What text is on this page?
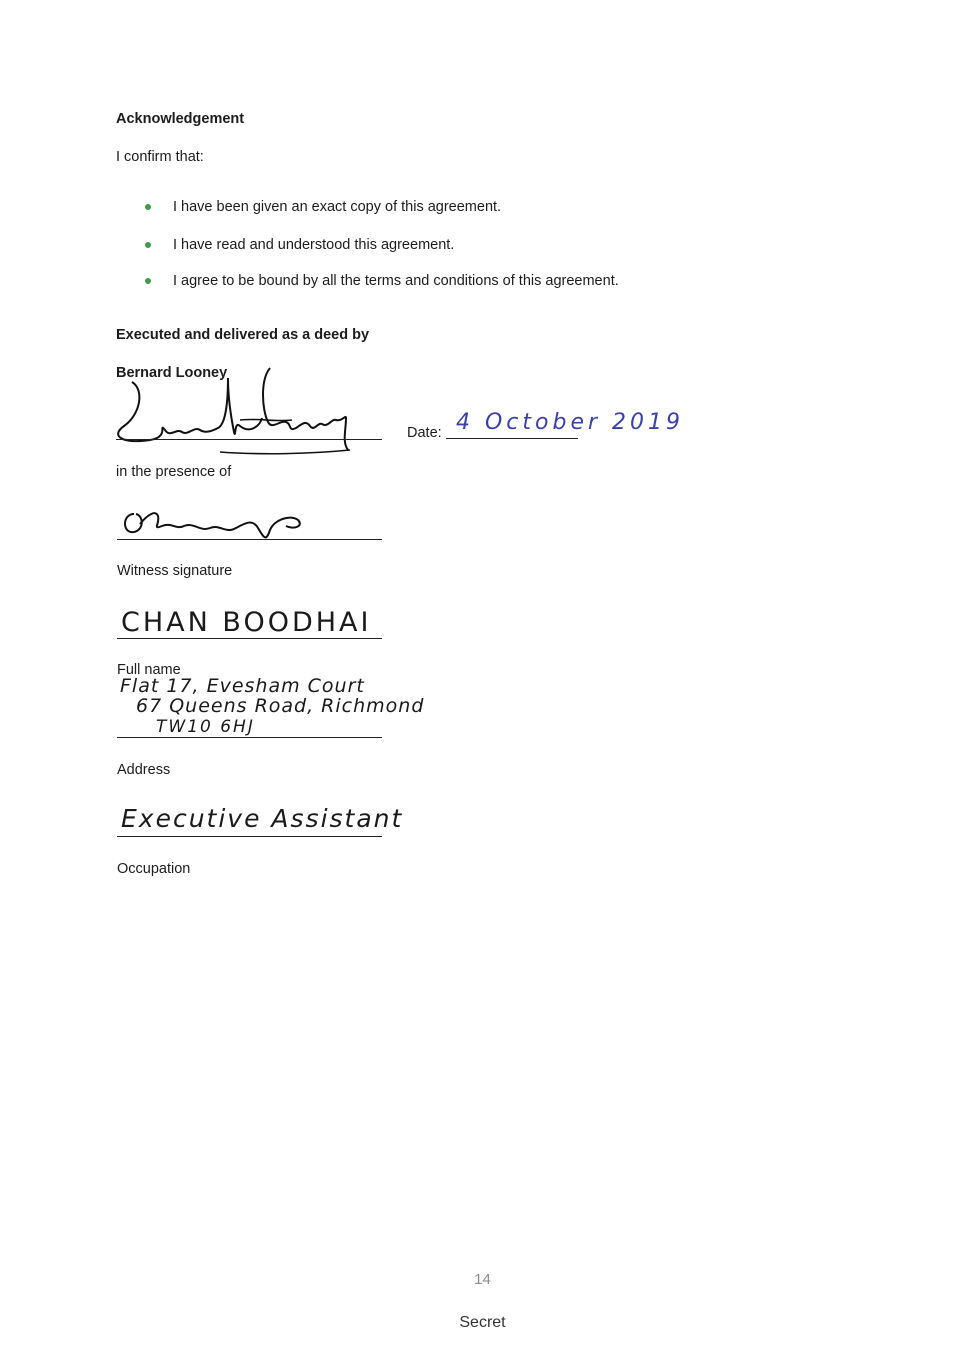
Acknowledgement
I confirm that:
I have been given an exact copy of this agreement.
I have read and understood this agreement.
I agree to be bound by all the terms and conditions of this agreement.
Executed and delivered as a deed by
Bernard Looney
Date: 4 October 2019
in the presence of
Witness signature
CHAN BOODHAI
Full name
Flat 17, Evesham Court
67 Queens Road, Richmond
TW10 6HJ
Address
Executive Assistant
Occupation
14
Secret
